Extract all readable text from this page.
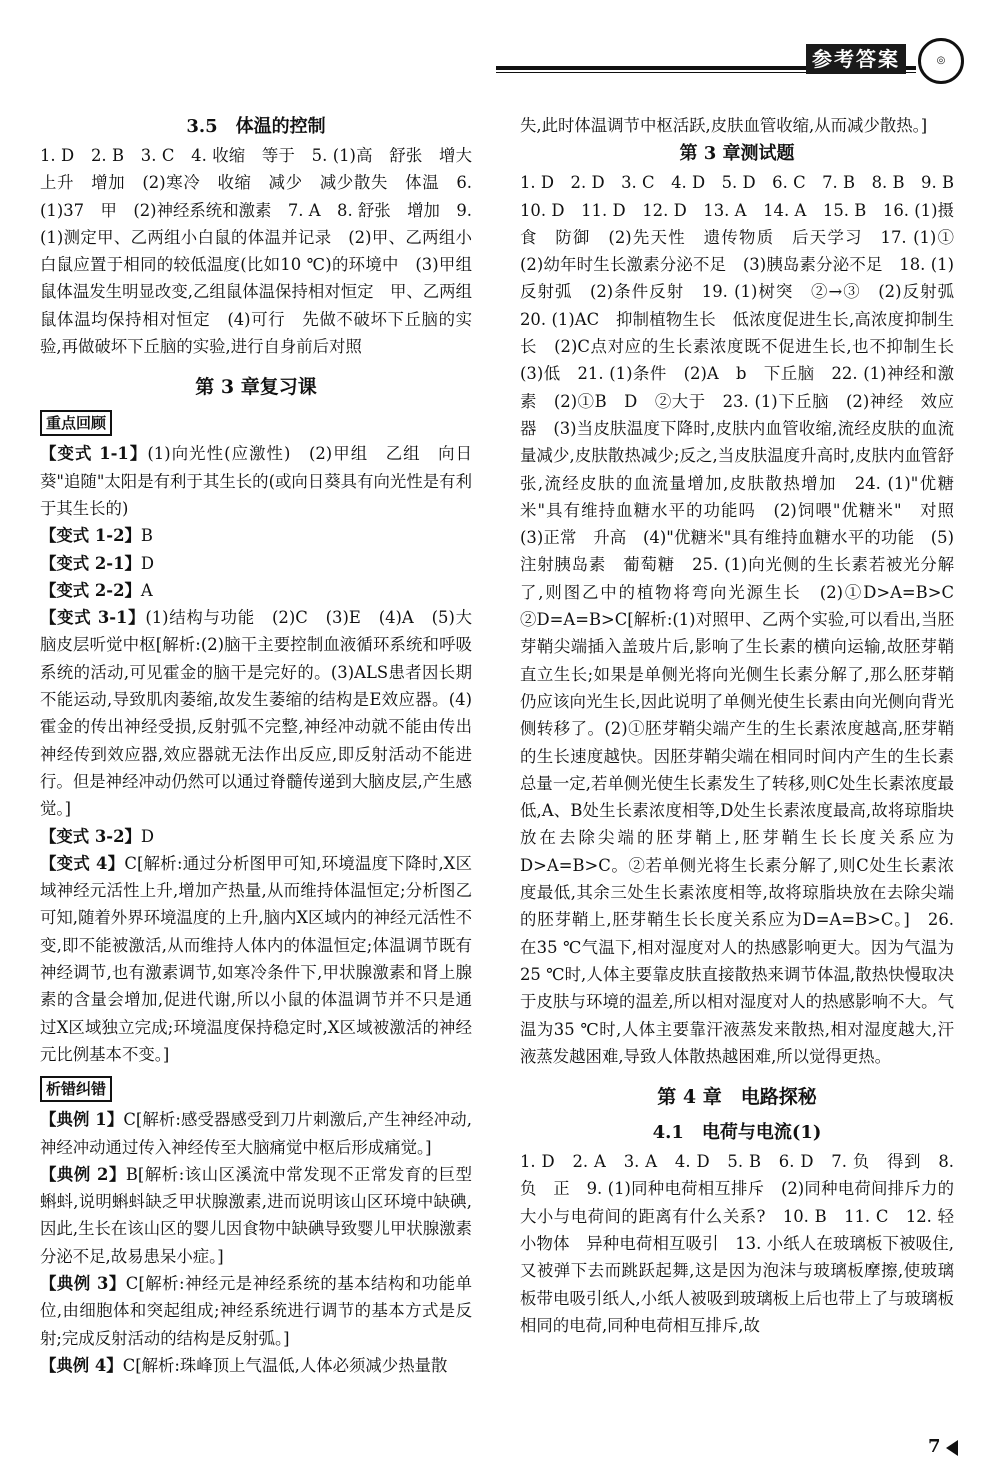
参考答案	◎

3.5　体温的控制

1. D　2. B　3. C　4. 收缩　等于　5. (1)高　舒张　增大　上升　增加　(2)寒冷　收缩　减少　减少散失　体温　6. (1)37　甲　(2)神经系统和激素　7. A　8. 舒张　增加　9. (1)测定甲、乙两组小白鼠的体温并记录　(2)甲、乙两组小白鼠应置于相同的较低温度(比如10 ℃)的环境中　(3)甲组鼠体温发生明显改变,乙组鼠体温保持相对恒定　甲、乙两组鼠体温均保持相对恒定　(4)可行　先做不破坏下丘脑的实验,再做破坏下丘脑的实验,进行自身前后对照

第 3 章复习课

重点回顾

【变式 1-1】(1)向光性(应激性)　(2)甲组　乙组　向日葵"追随"太阳是有利于其生长的(或向日葵具有向光性是有利于其生长的)

【变式 1-2】B

【变式 2-1】D

【变式 2-2】A

【变式 3-1】(1)结构与功能　(2)C　(3)E　(4)A　(5)大脑皮层听觉中枢[解析:(2)脑干主要控制血液循环系统和呼吸系统的活动,可见霍金的脑干是完好的。(3)ALS患者因长期不能运动,导致肌肉萎缩,故发生萎缩的结构是E效应器。(4)霍金的传出神经受损,反射弧不完整,神经冲动就不能由传出神经传到效应器,效应器就无法作出反应,即反射活动不能进行。但是神经冲动仍然可以通过脊髓传递到大脑皮层,产生感觉。]

【变式 3-2】D

【变式 4】C[解析:通过分析图甲可知,环境温度下降时,X区域神经元活性上升,增加产热量,从而维持体温恒定;分析图乙可知,随着外界环境温度的上升,脑内X区域内的神经元活性不变,即不能被激活,从而维持人体内的体温恒定;体温调节既有神经调节,也有激素调节,如寒冷条件下,甲状腺激素和肾上腺素的含量会增加,促进代谢,所以小鼠的体温调节并不只是通过X区域独立完成;环境温度保持稳定时,X区域被激活的神经元比例基本不变。]

析错纠错

【典例 1】C[解析:感受器感受到刀片刺激后,产生神经冲动,神经冲动通过传入神经传至大脑痛觉中枢后形成痛觉。]

【典例 2】B[解析:该山区溪流中常发现不正常发育的巨型蝌蚪,说明蝌蚪缺乏甲状腺激素,进而说明该山区环境中缺碘,因此,生长在该山区的婴儿因食物中缺碘导致婴儿甲状腺激素分泌不足,故易患呆小症。]

【典例 3】C[解析:神经元是神经系统的基本结构和功能单位,由细胞体和突起组成;神经系统进行调节的基本方式是反射;完成反射活动的结构是反射弧。]

【典例 4】C[解析:珠峰顶上气温低,人体必须减少热量散

失,此时体温调节中枢活跃,皮肤血管收缩,从而减少散热。]

第 3 章测试题

1. D　2. D　3. C　4. D　5. D　6. C　7. B　8. B　9. B　10. D　11. D　12. D　13. A　14. A　15. B　16. (1)摄食　防御　(2)先天性　遗传物质　后天学习　17. (1)①　(2)幼年时生长激素分泌不足　(3)胰岛素分泌不足　18. (1)反射弧　(2)条件反射　19. (1)树突　②→③　(2)反射弧　20. (1)AC　抑制植物生长　低浓度促进生长,高浓度抑制生长　(2)C点对应的生长素浓度既不促进生长,也不抑制生长　(3)低　21. (1)条件　(2)A　b　下丘脑　22. (1)神经和激素　(2)①B　D　②大于　23. (1)下丘脑　(2)神经　效应器　(3)当皮肤温度下降时,皮肤内血管收缩,流经皮肤的血流量减少,皮肤散热减少;反之,当皮肤温度升高时,皮肤内血管舒张,流经皮肤的血流量增加,皮肤散热增加　24. (1)"优糖米"具有维持血糖水平的功能吗　(2)饲喂"优糖米"　对照　(3)正常　升高　(4)"优糖米"具有维持血糖水平的功能　(5)注射胰岛素　葡萄糖　25. (1)向光侧的生长素若被光分解了,则图乙中的植物将弯向光源生长　(2)①D>A=B>C　②D=A=B>C[解析:(1)对照甲、乙两个实验,可以看出,当胚芽鞘尖端插入盖玻片后,影响了生长素的横向运输,故胚芽鞘直立生长;如果是单侧光将向光侧生长素分解了,那么胚芽鞘仍应该向光生长,因此说明了单侧光使生长素由向光侧向背光侧转移了。(2)①胚芽鞘尖端产生的生长素浓度越高,胚芽鞘的生长速度越快。因胚芽鞘尖端在相同时间内产生的生长素总量一定,若单侧光使生长素发生了转移,则C处生长素浓度最低,A、B处生长素浓度相等,D处生长素浓度最高,故将琼脂块放在去除尖端的胚芽鞘上,胚芽鞘生长长度关系应为D>A=B>C。②若单侧光将生长素分解了,则C处生长素浓度最低,其余三处生长素浓度相等,故将琼脂块放在去除尖端的胚芽鞘上,胚芽鞘生长长度关系应为D=A=B>C。]　26. 在35 ℃气温下,相对湿度对人的热感影响更大。因为气温为25 ℃时,人体主要靠皮肤直接散热来调节体温,散热快慢取决于皮肤与环境的温差,所以相对湿度对人的热感影响不大。气温为35 ℃时,人体主要靠汗液蒸发来散热,相对湿度越大,汗液蒸发越困难,导致人体散热越困难,所以觉得更热。

第 4 章　电路探秘

4.1　电荷与电流(1)

1. D　2. A　3. A　4. D　5. B　6. D　7. 负　得到　8. 负　正　9. (1)同种电荷相互排斥　(2)同种电荷间排斥力的大小与电荷间的距离有什么关系?　10. B　11. C　12. 轻小物体　异种电荷相互吸引　13. 小纸人在玻璃板下被吸住,又被弹下去而跳跃起舞,这是因为泡沫与玻璃板摩擦,使玻璃板带电吸引纸人,小纸人被吸到玻璃板上后也带上了与玻璃板相同的电荷,同种电荷相互排斥,故

7
